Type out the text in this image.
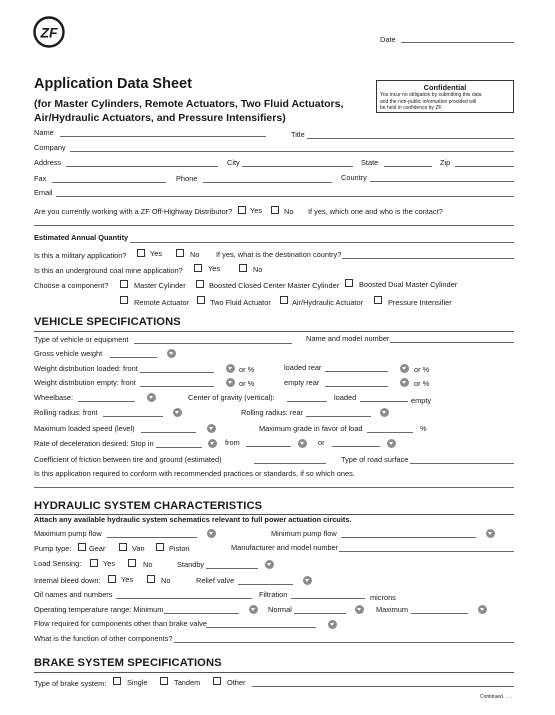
ZF	Date
Application Data Sheet
(for Master Cylinders, Remote Actuators, Two Fluid Actuators,
Air/Hydraulic Actuators, and Pressure Intensifiers)
Confidential
You incur no obligation by submitting this data
and the non-public information provided will
be held in confidence by ZF.
Name	Title
Company
Address	City	State	Zip
Fax	Phone	Country
Email
Are you currently working with a ZF Off-Highway Distributor? Yes	No If yes, which one and who is the contact?
Estimated Annual Quantity
Is this a military application?	Yes	No If yes, what is the destination country?
Is this an underground coal mine application?	Yes	No
Choose a component?	Master Cylinder	Boosted Closed Center Master Cylinder	Boosted Dual Master Cylinder
Remote Actuator	Two Fluid Actuator	Air/Hydraulic Actuator	Pressure Intensifier
VEHICLE SPECIFICATIONS
Type of vehicle or equipment	Name and model number
Gross vehicle weight
Weight distribution loaded: front	or %	loaded rear	or %
Weight distribution empty: front	or %	empty rear	or %
Wheelbase:	Center of gravity (vertical):	loaded	empty
Rolling radius: front	Rolling radius: rear
Maximum loaded speed (level)	Maximum grade in favor of load	%
Rate of deceleration desired: Stop in	from	or
Coefficient of friction between tire and ground (estimated)	Type of road surface
Is this application required to conform with recommended practices or standards, if so which ones.
HYDRAULIC SYSTEM CHARACTERISTICS
Attach any available hydraulic system schematics relevant to full power actuation circuits.
Maximum pump flow	Minimum pump flow
Pump type: Gear	Van	Piston	Manufacturer and model number
Load Sensing:	Yes	No	Standby
Internal bleed down:	Yes	No	Relief valve
Oil names and numbers	Filtration	microns
Operating temperature range: Minimum	Normal	Maximum
Flow required for components other than brake valve
What is the function of other components?
BRAKE SYSTEM SPECIFICATIONS
Type of brake system:	Single	Tandem	Other
Continued. . . .
